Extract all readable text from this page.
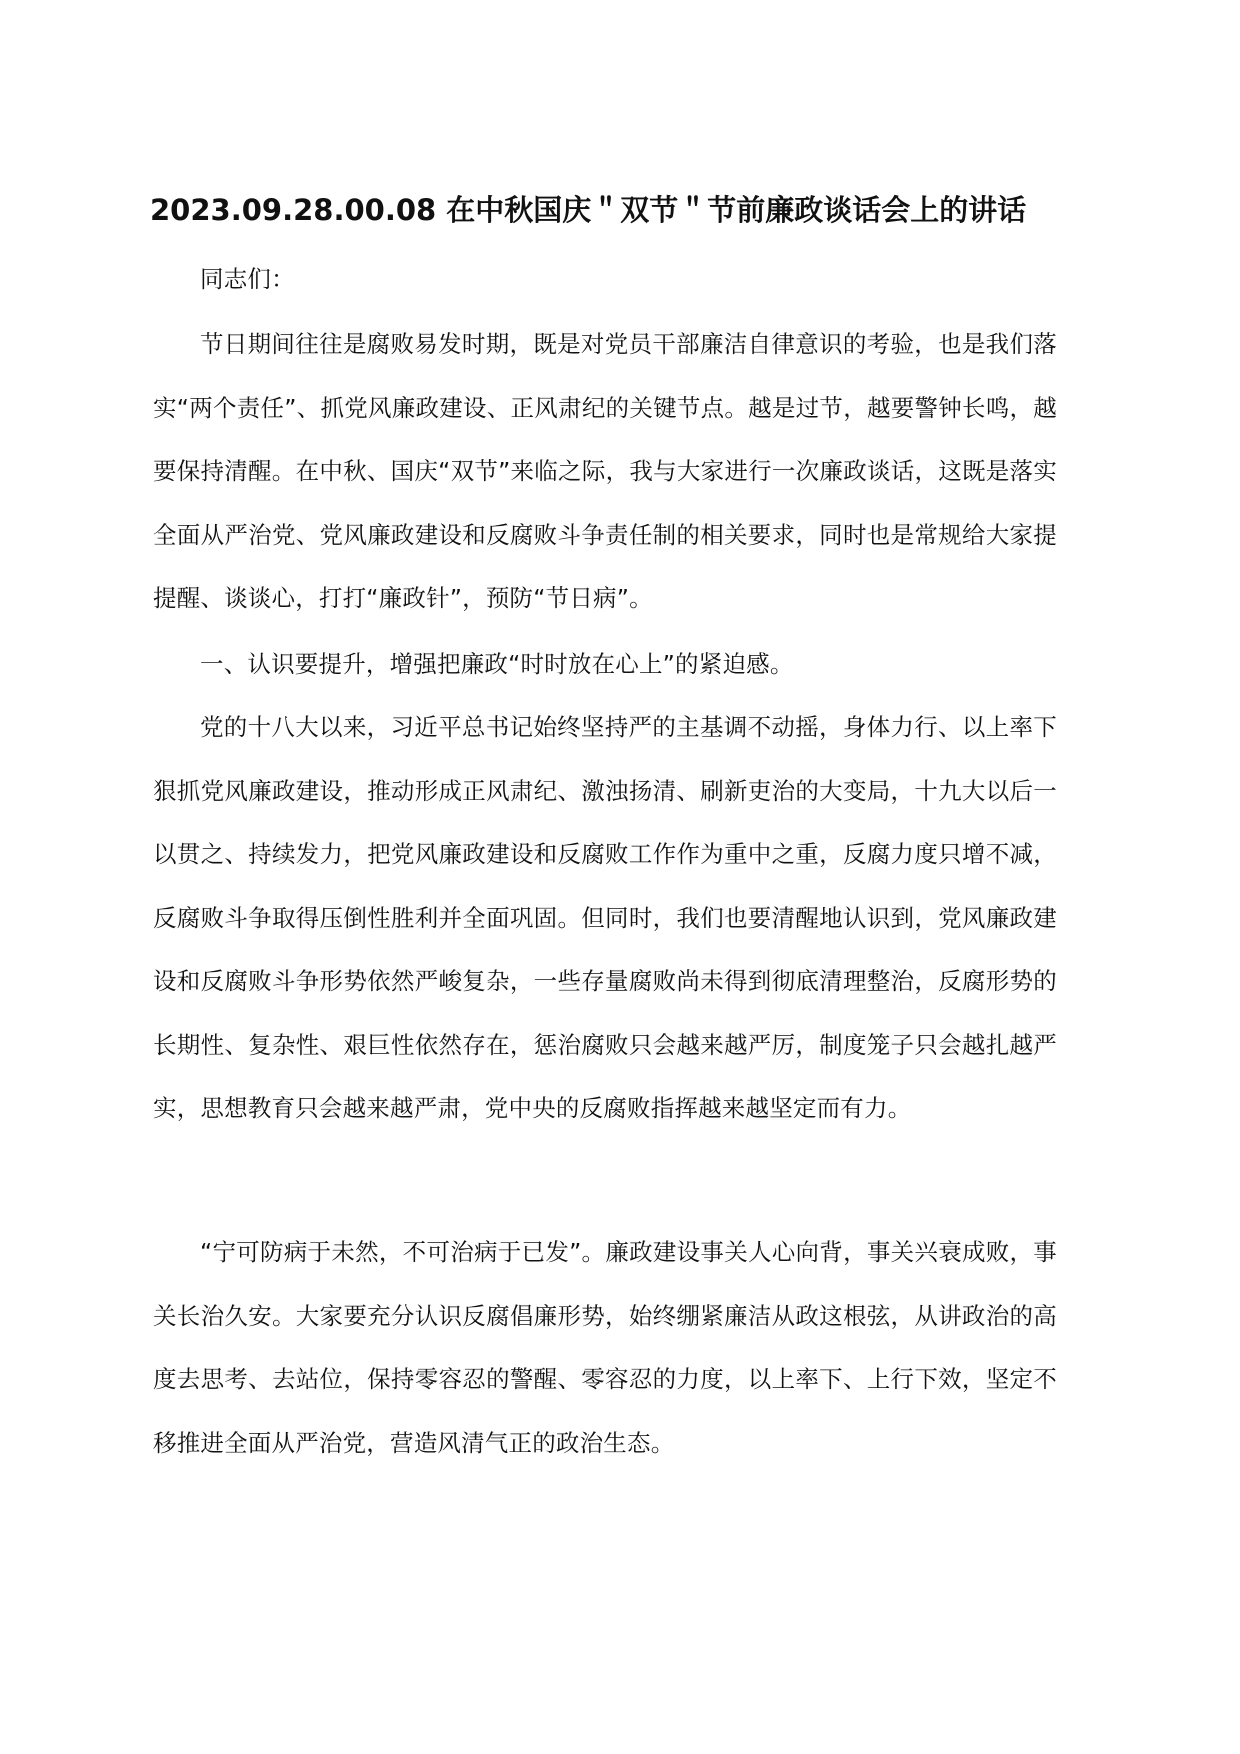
2023.09.28.00.08 在中秋国庆＂双节＂节前廉政谈话会上的讲话

同志们：

节日期间往往是腐败易发时期，既是对党员干部廉洁自律意识的考验，也是我们落实“两个责任”、抓党风廉政建设、正风肃纪的关键节点。越是过节，越要警钟长鸣，越要保持清醒。在中秋、国庆“双节”来临之际，我与大家进行一次廉政谈话，这既是落实全面从严治党、党风廉政建设和反腐败斗争责任制的相关要求，同时也是常规给大家提提醒、谈谈心，打打“廉政针”，预防“节日病”。

一、认识要提升，增强把廉政“时时放在心上”的紧迫感。

党的十八大以来，习近平总书记始终坚持严的主基调不动摇，身体力行、以上率下狠抓党风廉政建设，推动形成正风肃纪、激浊扬清、刷新吏治的大变局，十九大以后一以贯之、持续发力，把党风廉政建设和反腐败工作作为重中之重，反腐力度只增不减，反腐败斗争取得压倒性胜利并全面巩固。但同时，我们也要清醒地认识到，党风廉政建设和反腐败斗争形势依然严峻复杂，一些存量腐败尚未得到彻底清理整治，反腐形势的长期性、复杂性、艰巨性依然存在，惩治腐败只会越来越严厉，制度笼子只会越扎越严实，思想教育只会越来越严肃，党中央的反腐败指挥越来越坚定而有力。

“宁可防病于未然，不可治病于已发”。廉政建设事关人心向背，事关兴衰成败，事关长治久安。大家要充分认识反腐倡廉形势，始终绷紧廉洁从政这根弦，从讲政治的高度去思考、去站位，保持零容忍的警醒、零容忍的力度，以上率下、上行下效，坚定不移推进全面从严治党，营造风清气正的政治生态。
